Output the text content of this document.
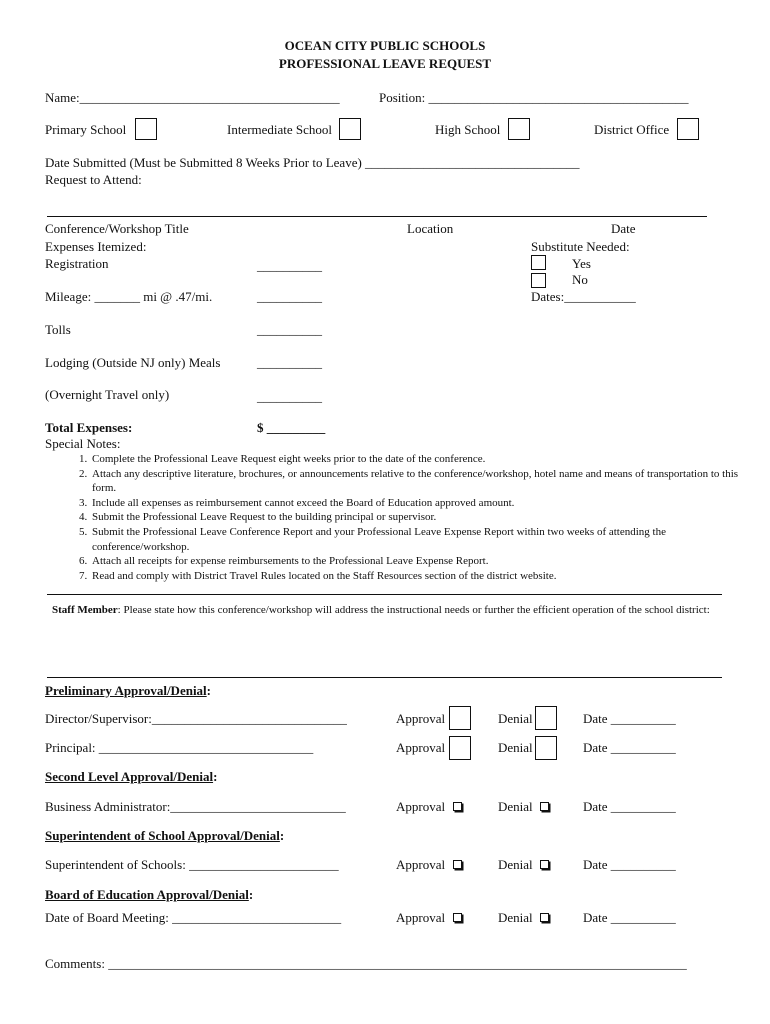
OCEAN CITY PUBLIC SCHOOLS
PROFESSIONAL LEAVE REQUEST
Name:________________________________________	Position: ________________________________________
Primary School	Intermediate School	High School	District Office
Date Submitted (Must be Submitted 8 Weeks Prior to Leave) _________________________________
Request to Attend:
Conference/Workshop Title	Location	Date
Expenses Itemized:
Registration	__________
Mileage: _______ mi @ .47/mi.	__________
Tolls	__________
Lodging (Outside NJ only) Meals	__________
(Overnight Travel only)	__________
Total Expenses:	$ _________
Substitute Needed:
Yes
No
Dates:___________
Special Notes:
1. Complete the Professional Leave Request eight weeks prior to the date of the conference.
2. Attach any descriptive literature, brochures, or announcements relative to the conference/workshop, hotel name and means of transportation to this form.
3. Include all expenses as reimbursement cannot exceed the Board of Education approved amount.
4. Submit the Professional Leave Request to the building principal or supervisor.
5. Submit the Professional Leave Conference Report and your Professional Leave Expense Report within two weeks of attending the conference/workshop.
6. Attach all receipts for expense reimbursements to the Professional Leave Expense Report.
7. Read and comply with District Travel Rules located on the Staff Resources section of the district website.
Staff Member: Please state how this conference/workshop will address the instructional needs or further the efficient operation of the school district:
Preliminary Approval/Denial:
Director/Supervisor:______________________________	Approval	Denial	Date __________
Principal: _________________________________	Approval	Denial	Date __________
Second Level Approval/Denial:
Business Administrator:___________________________	Approval	Denial	Date __________
Superintendent of School Approval/Denial:
Superintendent of Schools: _______________________	Approval	Denial	Date __________
Board of Education Approval/Denial:
Date of Board Meeting: __________________________	Approval	Denial	Date __________
Comments: _________________________________________________________________________________________
